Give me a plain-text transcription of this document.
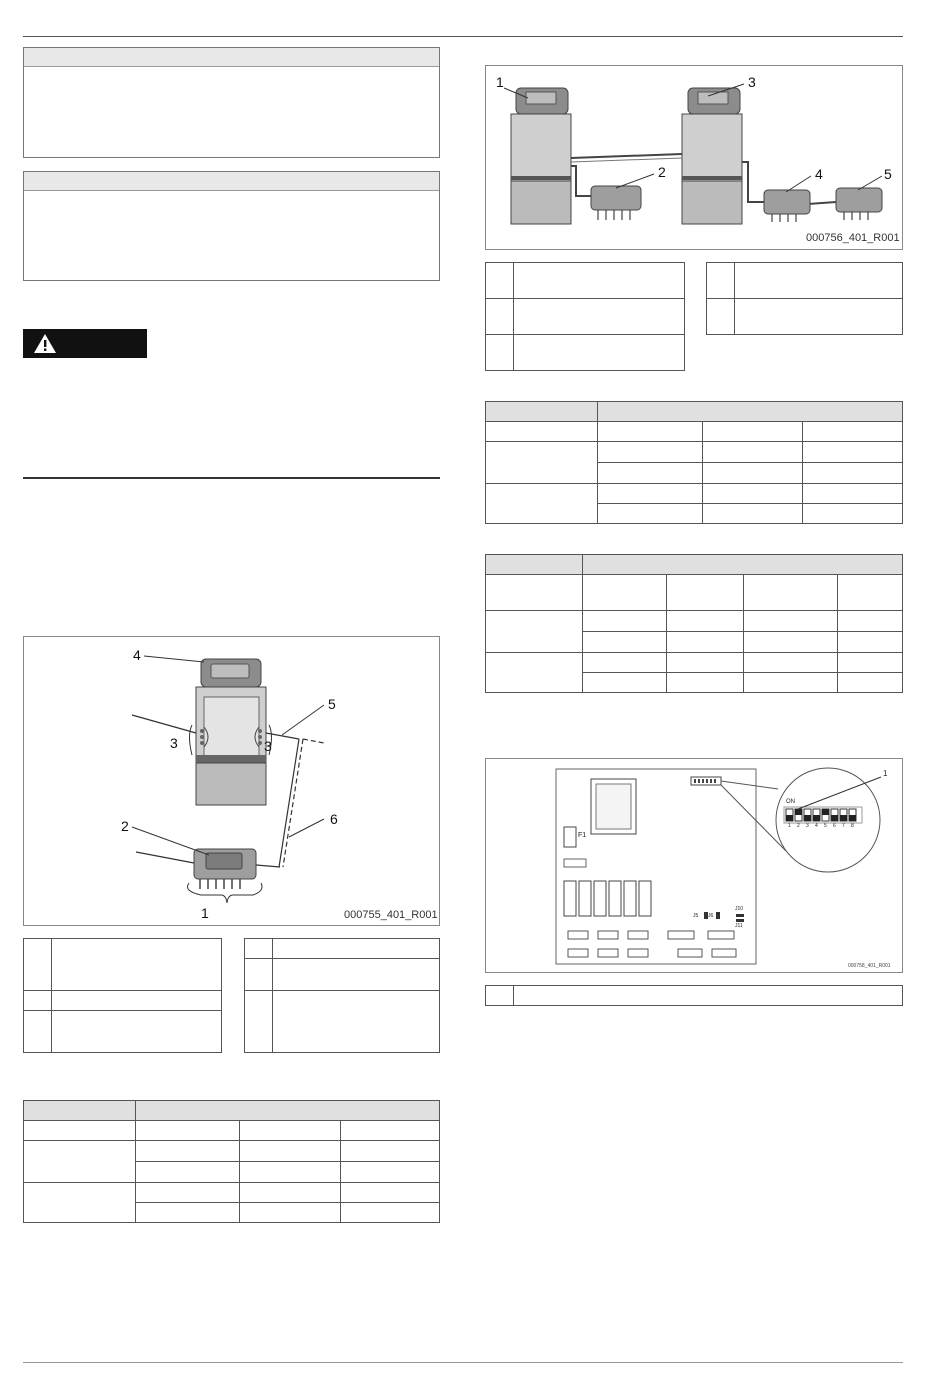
4
5
3	3
2	6
1	000755_401_R001

1	3
2	4	5
000756_401_R001

F1
J5 J6
J10
J11
ON
1 2 3 4 5 6 7 8
1
000758_401_R001
